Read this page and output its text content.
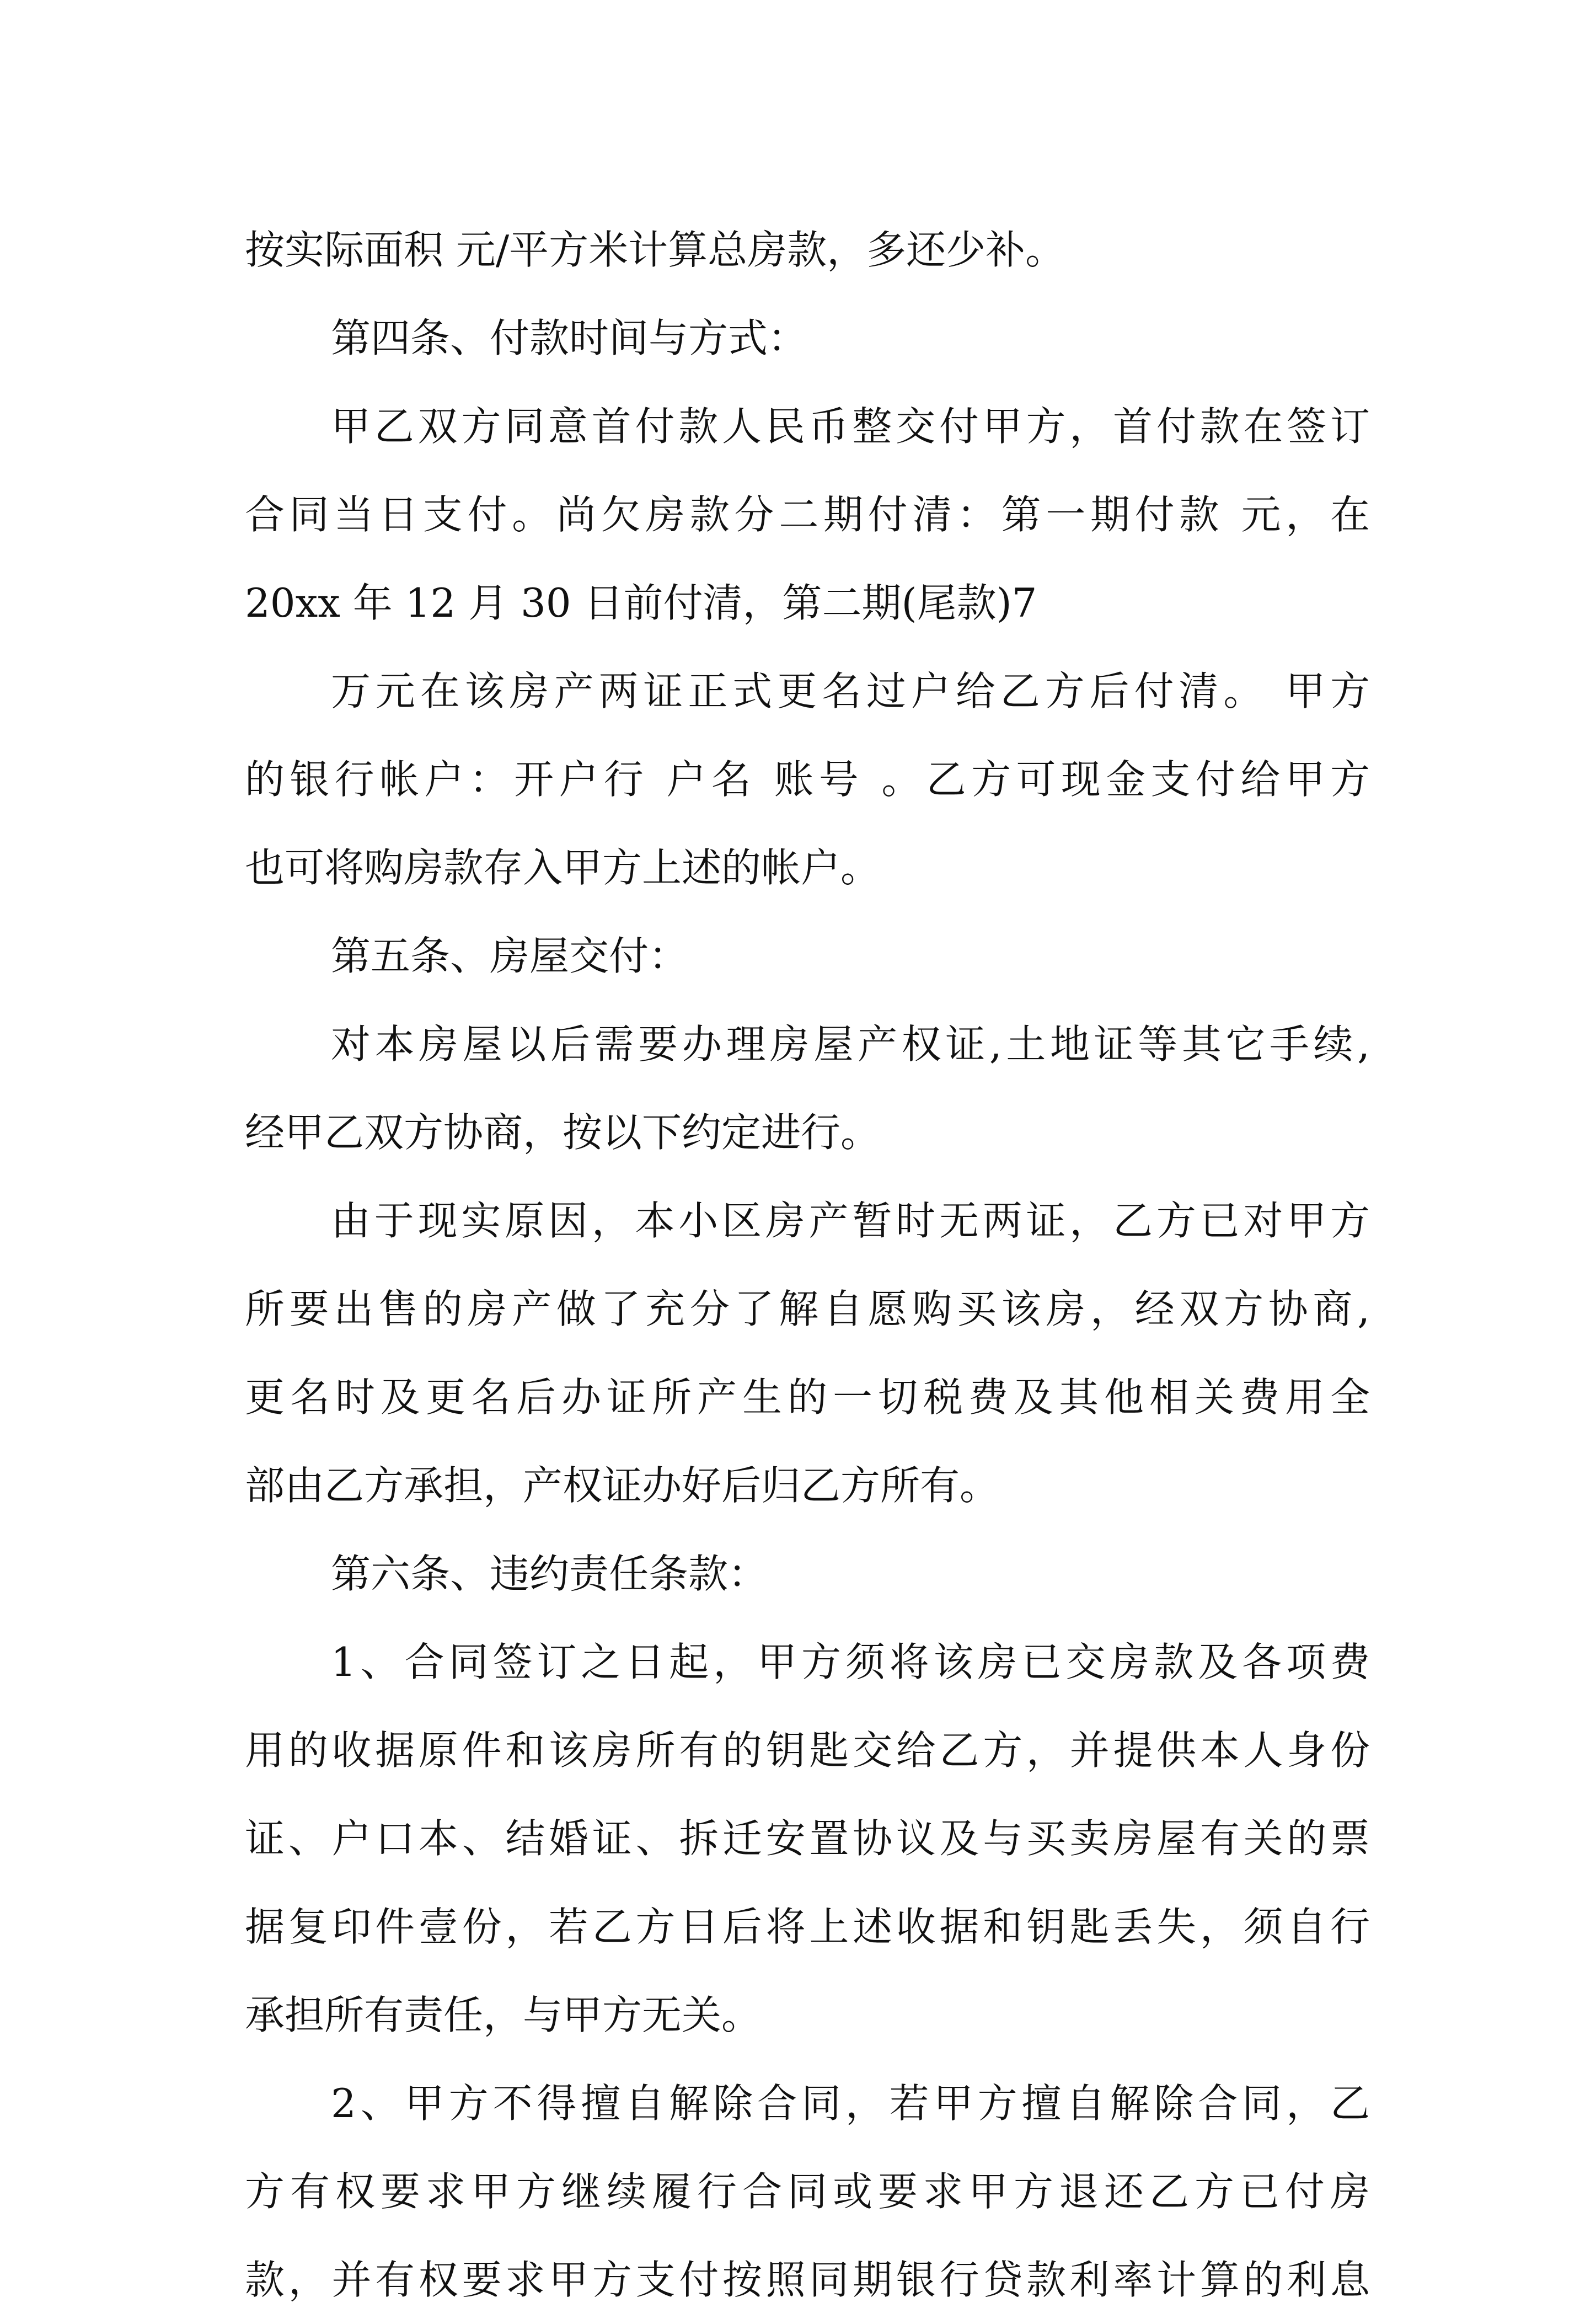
按实际面积 元/平方米计算总房款，多还少补。
第四条、付款时间与方式：
甲乙双方同意首付款人民币整交付甲方，首付款在签订
合同当日支付。尚欠房款分二期付清：第一期付款 元，在
20xx 年 12 月 30 日前付清，第二期(尾款)7
万元在该房产两证正式更名过户给乙方后付清。 甲方
的银行帐户：开户行 户名 账号 。乙方可现金支付给甲方
也可将购房款存入甲方上述的帐户。
第五条、房屋交付：
对本房屋以后需要办理房屋产权证,土地证等其它手续,
经甲乙双方协商，按以下约定进行。
由于现实原因，本小区房产暂时无两证，乙方已对甲方
所要出售的房产做了充分了解自愿购买该房，经双方协商,
更名时及更名后办证所产生的一切税费及其他相关费用全
部由乙方承担，产权证办好后归乙方所有。
第六条、违约责任条款：
1、合同签订之日起，甲方须将该房已交房款及各项费
用的收据原件和该房所有的钥匙交给乙方，并提供本人身份
证、户口本、结婚证、拆迁安置协议及与买卖房屋有关的票
据复印件壹份，若乙方日后将上述收据和钥匙丢失，须自行
承担所有责任，与甲方无关。
2、甲方不得擅自解除合同，若甲方擅自解除合同，乙
方有权要求甲方继续履行合同或要求甲方退还乙方已付房
款，并有权要求甲方支付按照同期银行贷款利率计算的利息
